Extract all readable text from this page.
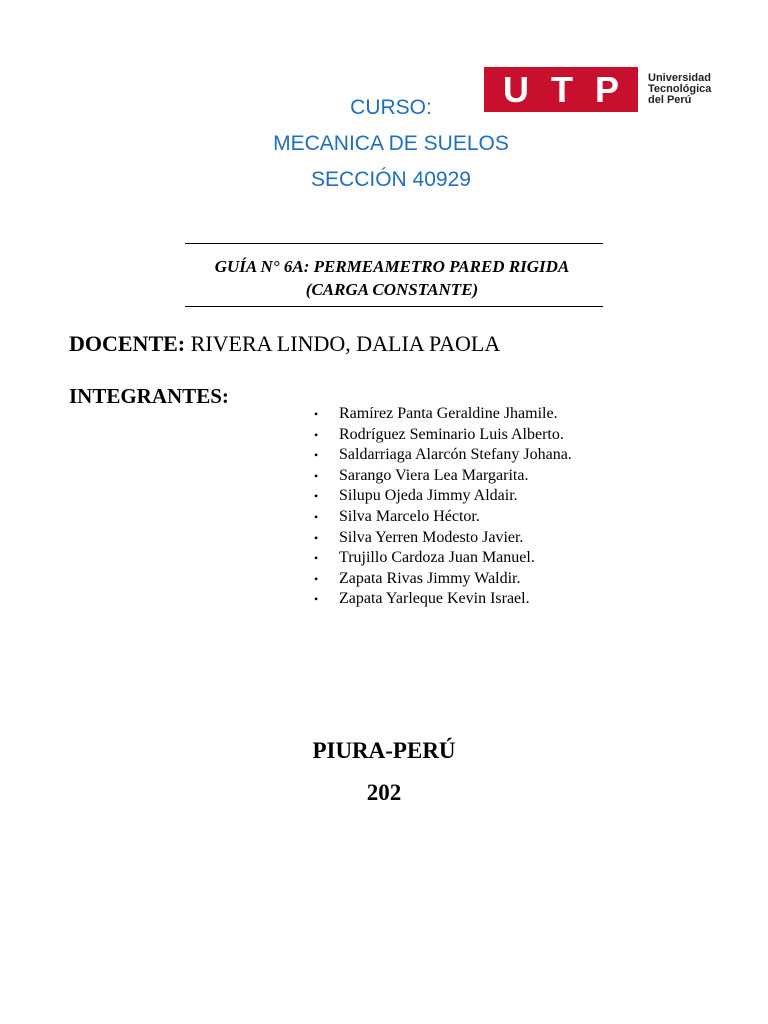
U T P	Universidad
Tecnológica
del Perú
CURSO:
MECANICA DE SUELOS
SECCIÓN 40929
GUÍA N° 6A: PERMEAMETRO PARED RIGIDA
(CARGA CONSTANTE)
DOCENTE: RIVERA LINDO, DALIA PAOLA
INTEGRANTES:
•	Ramírez Panta Geraldine Jhamile.
•	Rodríguez Seminario Luis Alberto.
•	Saldarriaga Alarcón Stefany Johana.
•	Sarango Viera Lea Margarita.
•	Silupu Ojeda Jimmy Aldair.
•	Silva Marcelo Héctor.
•	Silva Yerren Modesto Javier.
•	Trujillo Cardoza Juan Manuel.
•	Zapata Rivas Jimmy Waldir.
•	Zapata Yarleque Kevin Israel.
PIURA-PERÚ
202
